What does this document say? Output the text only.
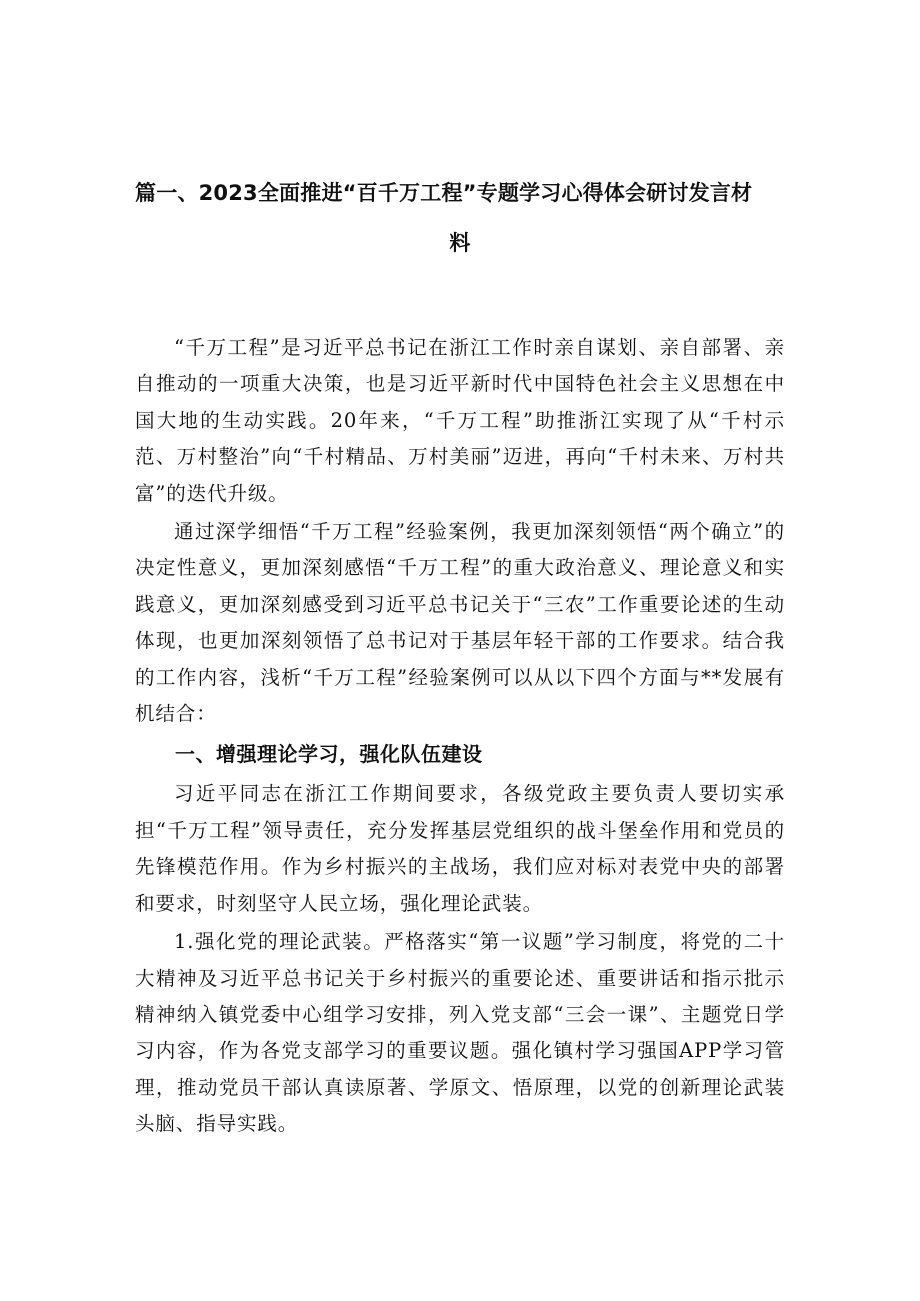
篇一、2023全面推进“百千万工程”专题学习心得体会研讨发言材
料

“千万工程”是习近平总书记在浙江工作时亲自谋划、亲自部署、亲自推动的一项重大决策，也是习近平新时代中国特色社会主义思想在中国大地的生动实践。20年来，“千万工程”助推浙江实现了从“千村示范、万村整治”向“千村精品、万村美丽”迈进，再向“千村未来、万村共富”的迭代升级。

通过深学细悟“千万工程”经验案例，我更加深刻领悟“两个确立”的决定性意义，更加深刻感悟“千万工程”的重大政治意义、理论意义和实践意义，更加深刻感受到习近平总书记关于“三农”工作重要论述的生动体现，也更加深刻领悟了总书记对于基层年轻干部的工作要求。结合我的工作内容，浅析“千万工程”经验案例可以从以下四个方面与**发展有机结合：

一、增强理论学习，强化队伍建设

习近平同志在浙江工作期间要求，各级党政主要负责人要切实承担“千万工程”领导责任，充分发挥基层党组织的战斗堡垒作用和党员的先锋模范作用。作为乡村振兴的主战场，我们应对标对表党中央的部署和要求，时刻坚守人民立场，强化理论武装。

1.强化党的理论武装。严格落实“第一议题”学习制度，将党的二十大精神及习近平总书记关于乡村振兴的重要论述、重要讲话和指示批示精神纳入镇党委中心组学习安排，列入党支部“三会一课”、主题党日学习内容，作为各党支部学习的重要议题。强化镇村学习强国APP学习管理，推动党员干部认真读原著、学原文、悟原理，以党的创新理论武装头脑、指导实践。
